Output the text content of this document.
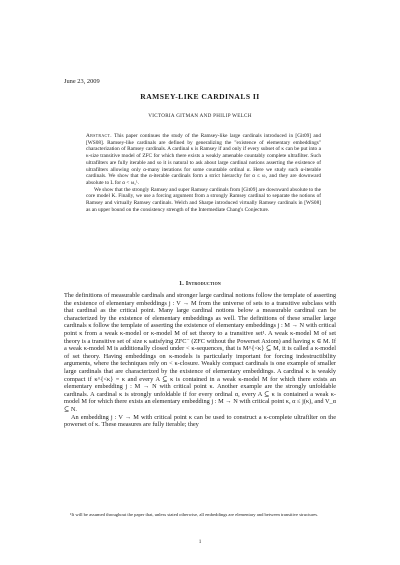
June 23, 2009

RAMSEY-LIKE CARDINALS II

VICTORIA GITMAN AND PHILIP WELCH

Abstract. This paper continues the study of the Ramsey-like large cardinals introduced in [Git09] and [WS08]. Ramsey-like cardinals are defined by generalizing the "existence of elementary embeddings" characterization of Ramsey cardinals. A cardinal κ is Ramsey if and only if every subset of κ can be put into a κ-size transitive model of ZFC for which there exists a weakly amenable countably complete ultrafilter. Such ultrafilters are fully iterable and so it is natural to ask about large cardinal notions asserting the existence of ultrafilters allowing only α-many iterations for some countable ordinal α. Here we study such α-iterable cardinals. We show that the α-iterable cardinals form a strict hierarchy for α ≤ ω₁ and they are downward absolute to L for α < ω₁ᴸ.

We show that the strongly Ramsey and super Ramsey cardinals from [Git09] are downward absolute to the core model K. Finally, we use a forcing argument from a strongly Ramsey cardinal to separate the notions of Ramsey and virtually Ramsey cardinals. Welch and Sharpe introduced virtually Ramsey cardinals in [WS08] as an upper bound on the consistency strength of the Intermediate Chang's Conjecture.

1. Introduction

The definitions of measurable cardinals and stronger large cardinal notions follow the template of asserting the existence of elementary embeddings j : V → M from the universe of sets to a transitive subclass with that cardinal as the critical point. Many large cardinal notions below a measurable cardinal can be characterized by the existence of elementary embeddings as well. The definitions of these smaller large cardinals κ follow the template of asserting the existence of elementary embeddings j : M → N with critical point κ from a weak κ-model or κ-model M of set theory to a transitive set¹. A weak κ-model M of set theory is a transitive set of size κ satisfying ZFC⁻ (ZFC without the Powerset Axiom) and having κ ∈ M. If a weak κ-model M is additionally closed under < κ-sequences, that is M^{<κ} ⊆ M, it is called a κ-model of set theory. Having embeddings on κ-models is particularly important for forcing indestructibility arguments, where the techniques rely on < κ-closure. Weakly compact cardinals is one example of smaller large cardinals that are characterized by the existence of elementary embeddings. A cardinal κ is weakly compact if κ^{<κ} = κ and every A ⊆ κ is contained in a weak κ-model M for which there exists an elementary embedding j : M → N with critical point κ. Another example are the strongly unfoldable cardinals. A cardinal κ is strongly unfoldable if for every ordinal α, every A ⊆ κ is contained a weak κ-model M for which there exists an elementary embedding j : M → N with critical point κ, α ≤ j(κ), and V_α ⊆ N.

An embedding j : V → M with critical point κ can be used to construct a κ-complete ultrafilter on the powerset of κ. These measures are fully iterable; they

¹It will be assumed throughout the paper that, unless stated otherwise, all embeddings are elementary and between transitive structures.

1
